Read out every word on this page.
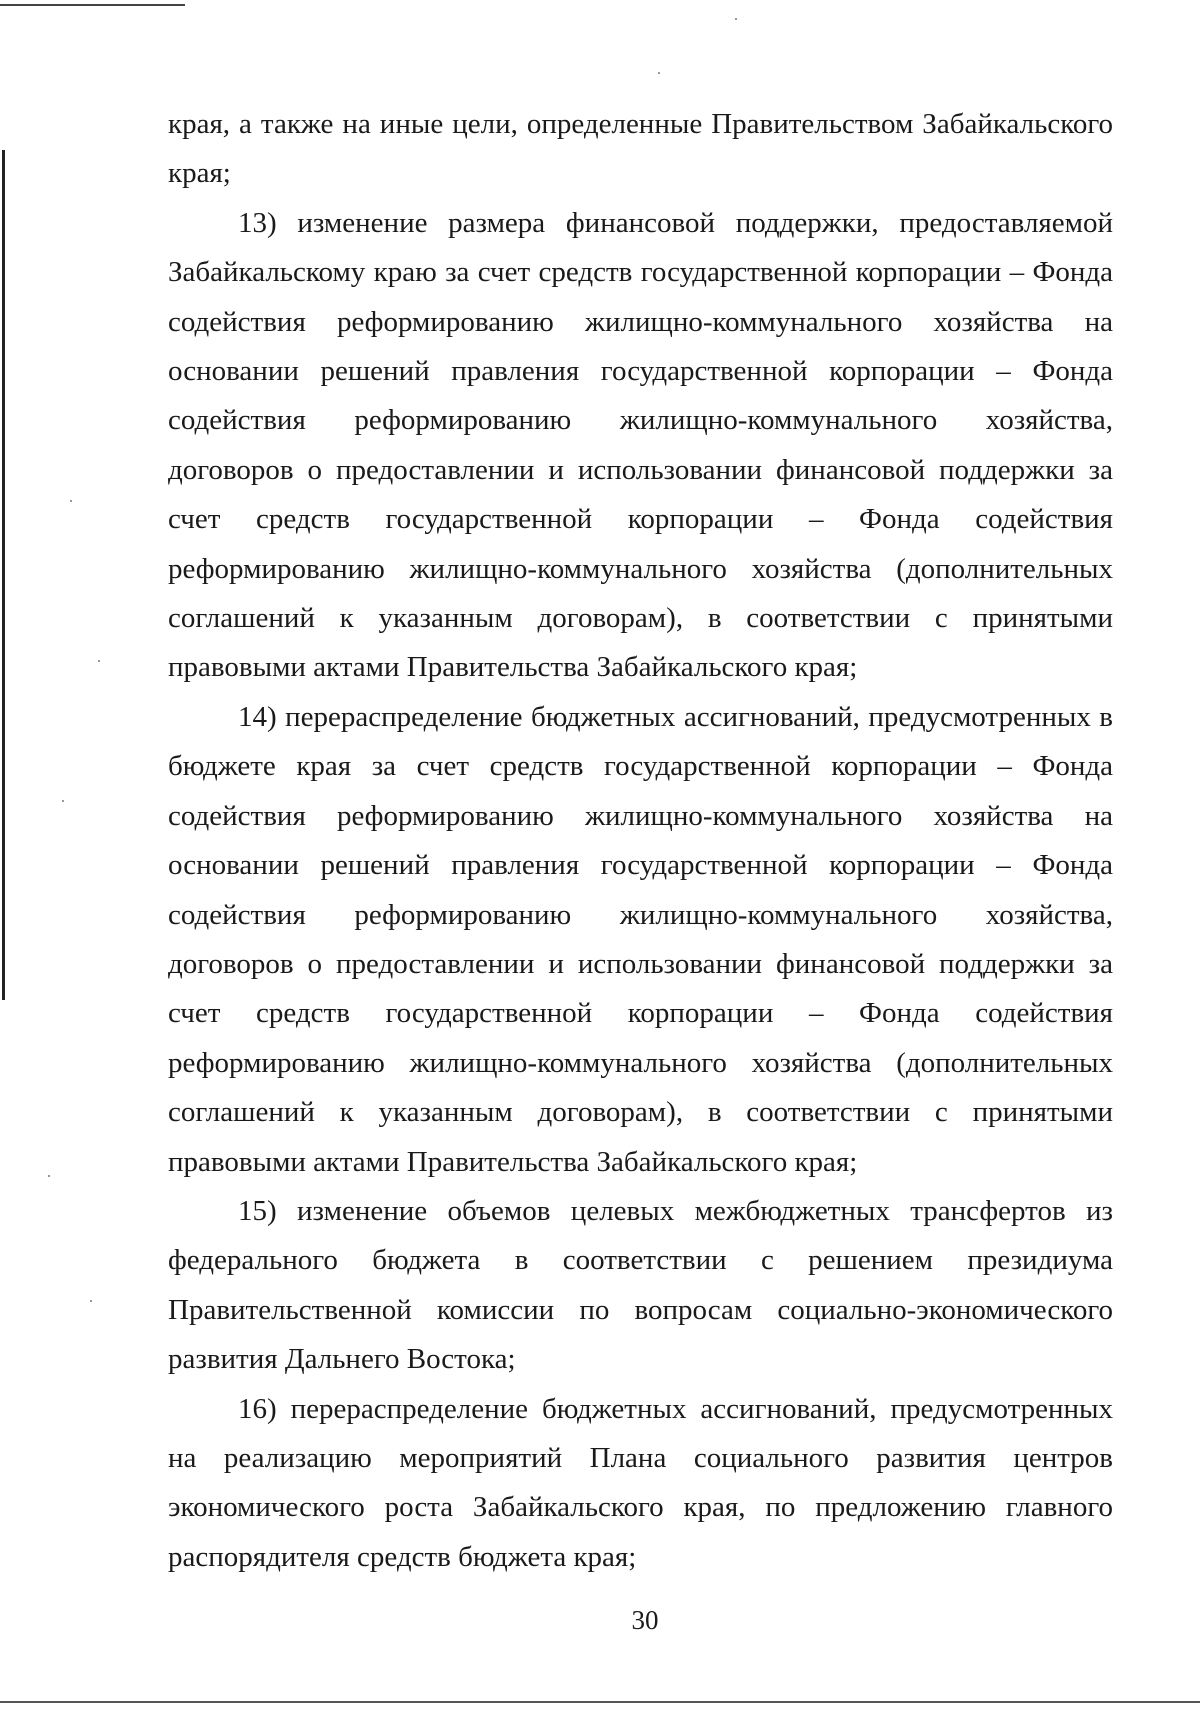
края, а также на иные цели, определенные Правительством Забайкальского края;

13) изменение размера финансовой поддержки, предоставляемой Забайкальскому краю за счет средств государственной корпорации – Фонда содействия реформированию жилищно-коммунального хозяйства на основании решений правления государственной корпорации – Фонда содействия реформированию жилищно-коммунального хозяйства, договоров о предоставлении и использовании финансовой поддержки за счет средств государственной корпорации – Фонда содействия реформированию жилищно-коммунального хозяйства (дополнительных соглашений к указанным договорам), в соответствии с принятыми правовыми актами Правительства Забайкальского края;

14) перераспределение бюджетных ассигнований, предусмотренных в бюджете края за счет средств государственной корпорации – Фонда содействия реформированию жилищно-коммунального хозяйства на основании решений правления государственной корпорации – Фонда содействия реформированию жилищно-коммунального хозяйства, договоров о предоставлении и использовании финансовой поддержки за счет средств государственной корпорации – Фонда содействия реформированию жилищно-коммунального хозяйства (дополнительных соглашений к указанным договорам), в соответствии с принятыми правовыми актами Правительства Забайкальского края;

15) изменение объемов целевых межбюджетных трансфертов из федерального бюджета в соответствии с решением президиума Правительственной комиссии по вопросам социально-экономического развития Дальнего Востока;

16) перераспределение бюджетных ассигнований, предусмотренных на реализацию мероприятий Плана социального развития центров экономического роста Забайкальского края, по предложению главного распорядителя средств бюджета края;

30
